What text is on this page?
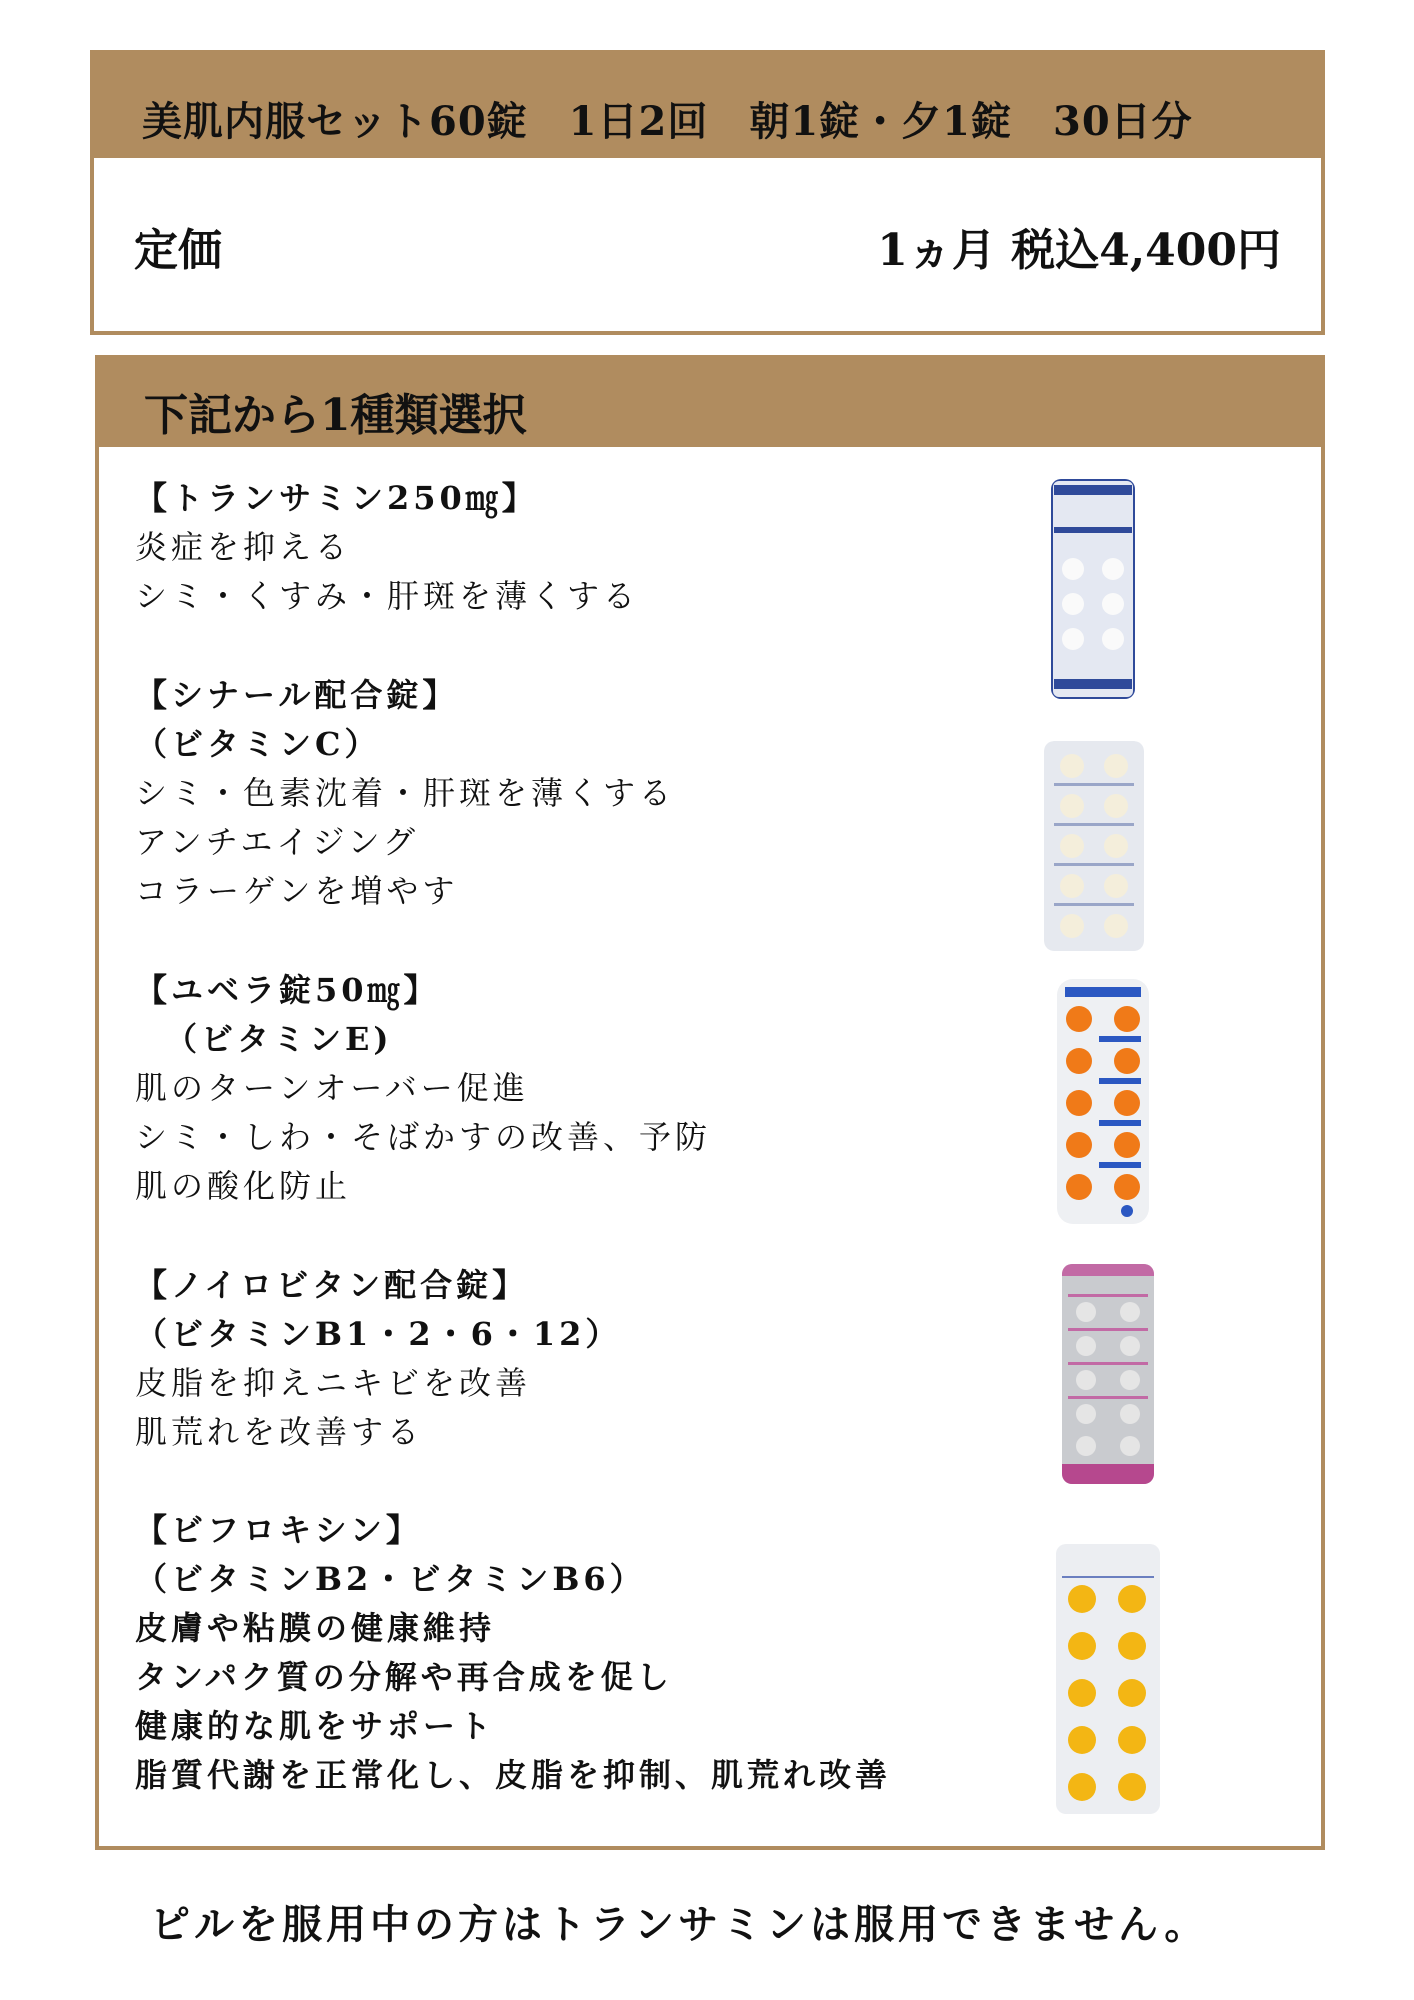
美肌内服セット60錠　1日2回　朝1錠・夕1錠　30日分
定価	1ヵ月 税込4,400円
下記から1種類選択
【トランサミン250㎎】
炎症を抑える
シミ・くすみ・肝斑を薄くする
【シナール配合錠】
（ビタミンC）
シミ・色素沈着・肝斑を薄くする
アンチエイジング
コラーゲンを増やす
【ユベラ錠50㎎】
（ビタミンE)
肌のターンオーバー促進
シミ・しわ・そばかすの改善、予防
肌の酸化防止
【ノイロビタン配合錠】
（ビタミンB1・2・6・12）
皮脂を抑えニキビを改善
肌荒れを改善する
【ビフロキシン】
（ビタミンB2・ビタミンB6）
皮膚や粘膜の健康維持
タンパク質の分解や再合成を促し
健康的な肌をサポート
脂質代謝を正常化し、皮脂を抑制、肌荒れ改善
ピルを服用中の方はトランサミンは服用できません。
